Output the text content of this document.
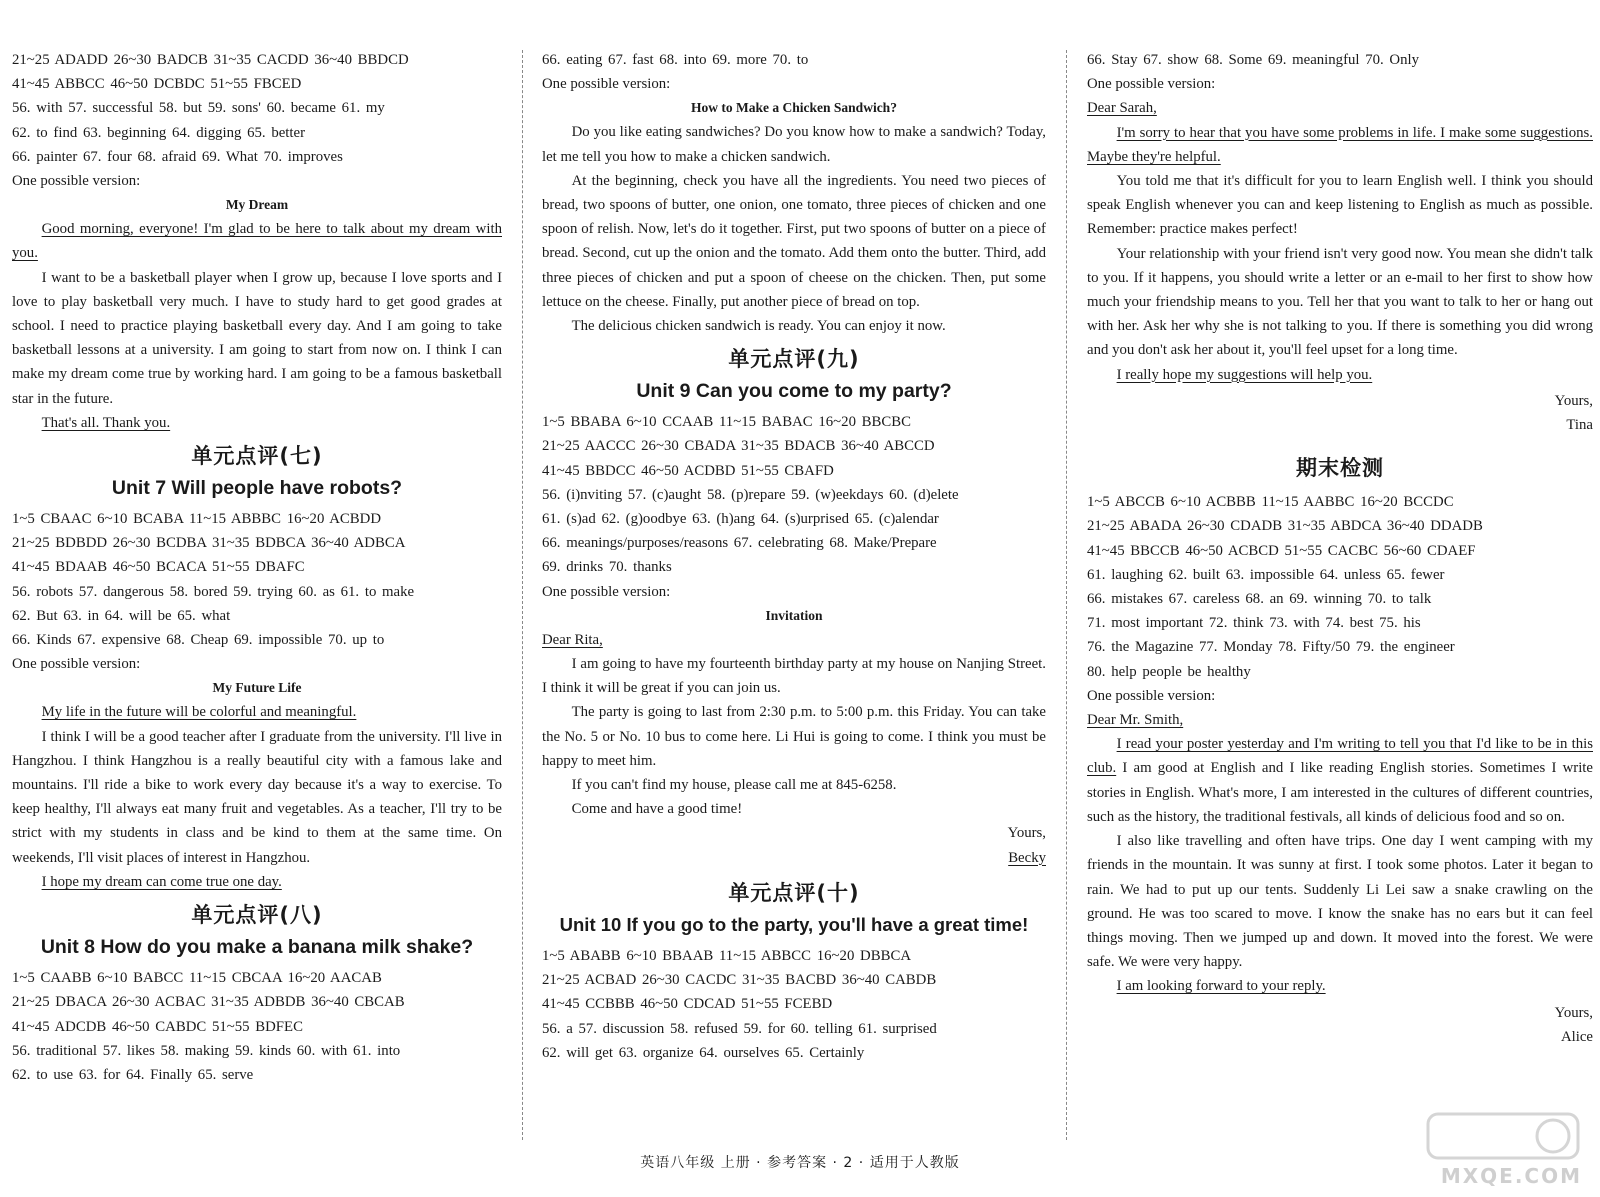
21~25 ADADD 26~30 BADCB 31~35 CACDD 36~40 BBDCD
41~45 ABBCC 46~50 DCBDC 51~55 FBCED
56. with 57. successful 58. but 59. sons' 60. became 61. my
62. to find 63. beginning 64. digging 65. better
66. painter 67. four 68. afraid 69. What 70. improves
One possible version:
My Dream
Good morning, everyone! I'm glad to be here to talk about my dream with you.
I want to be a basketball player when I grow up, because I love sports and I love to play basketball very much. I have to study hard to get good grades at school. I need to practice playing basketball every day. And I am going to take basketball lessons at a university. I am going to start from now on. I think I can make my dream come true by working hard. I am going to be a famous basketball star in the future.
That's all. Thank you.
单元点评(七)
Unit 7 Will people have robots?
1~5 CBAAC 6~10 BCABA 11~15 ABBBC 16~20 ACBDD
21~25 BDBDD 26~30 BCDBA 31~35 BDBCA 36~40 ADBCA
41~45 BDAAB 46~50 BCACA 51~55 DBAFC
56. robots 57. dangerous 58. bored 59. trying 60. as 61. to make
62. But 63. in 64. will be 65. what
66. Kinds 67. expensive 68. Cheap 69. impossible 70. up to
One possible version:
My Future Life
My life in the future will be colorful and meaningful.
I think I will be a good teacher after I graduate from the university. I'll live in Hangzhou. I think Hangzhou is a really beautiful city with a famous lake and mountains. I'll ride a bike to work every day because it's a way to exercise. To keep healthy, I'll always eat many fruit and vegetables. As a teacher, I'll try to be strict with my students in class and be kind to them at the same time. On weekends, I'll visit places of interest in Hangzhou.
I hope my dream can come true one day.
单元点评(八)
Unit 8 How do you make a banana milk shake?
1~5 CAABB 6~10 BABCC 11~15 CBCAA 16~20 AACAB
21~25 DBACA 26~30 ACBAC 31~35 ADBDB 36~40 CBCAB
41~45 ADCDB 46~50 CABDC 51~55 BDFEC
56. traditional 57. likes 58. making 59. kinds 60. with 61. into
62. to use 63. for 64. Finally 65. serve
66. eating 67. fast 68. into 69. more 70. to
One possible version:
How to Make a Chicken Sandwich?
Do you like eating sandwiches? Do you know how to make a sandwich? Today, let me tell you how to make a chicken sandwich.
At the beginning, check you have all the ingredients. You need two pieces of bread, two spoons of butter, one onion, one tomato, three pieces of chicken and one spoon of relish. Now, let's do it together. First, put two spoons of butter on a piece of bread. Second, cut up the onion and the tomato. Add them onto the butter. Third, add three pieces of chicken and put a spoon of cheese on the chicken. Then, put some lettuce on the cheese. Finally, put another piece of bread on top.
The delicious chicken sandwich is ready. You can enjoy it now.
单元点评(九)
Unit 9 Can you come to my party?
1~5 BBABA 6~10 CCAAB 11~15 BABAC 16~20 BBCBC
21~25 AACCC 26~30 CBADA 31~35 BDACB 36~40 ABCCD
41~45 BBDCC 46~50 ACDBD 51~55 CBAFD
56. (i)nviting 57. (c)aught 58. (p)repare 59. (w)eekdays 60. (d)elete
61. (s)ad 62. (g)oodbye 63. (h)ang 64. (s)urprised 65. (c)alendar
66. meanings/purposes/reasons 67. celebrating 68. Make/Prepare
69. drinks 70. thanks
One possible version:
Invitation
Dear Rita,
I am going to have my fourteenth birthday party at my house on Nanjing Street. I think it will be great if you can join us.
The party is going to last from 2:30 p.m. to 5:00 p.m. this Friday. You can take the No. 5 or No. 10 bus to come here. Li Hui is going to come. I think you must be happy to meet him.
If you can't find my house, please call me at 845-6258.
Come and have a good time!
Yours,
Becky
单元点评(十)
Unit 10 If you go to the party, you'll have a great time!
1~5 ABABB 6~10 BBAAB 11~15 ABBCC 16~20 DBBCA
21~25 ACBAD 26~30 CACDC 31~35 BACBD 36~40 CABDB
41~45 CCBBB 46~50 CDCAD 51~55 FCEBD
56. a 57. discussion 58. refused 59. for 60. telling 61. surprised
62. will get 63. organize 64. ourselves 65. Certainly
66. Stay 67. show 68. Some 69. meaningful 70. Only
One possible version:
Dear Sarah,
I'm sorry to hear that you have some problems in life. I make some suggestions. Maybe they're helpful.
You told me that it's difficult for you to learn English well. I think you should speak English whenever you can and keep listening to English as much as possible. Remember: practice makes perfect!
Your relationship with your friend isn't very good now. You mean she didn't talk to you. If it happens, you should write a letter or an e-mail to her first to show how much your friendship means to you. Tell her that you want to talk to her or hang out with her. Ask her why she is not talking to you. If there is something you did wrong and you don't ask her about it, you'll feel upset for a long time.
I really hope my suggestions will help you.
Yours,
Tina
期末检测
1~5 ABCCB 6~10 ACBBB 11~15 AABBC 16~20 BCCDC
21~25 ABADA 26~30 CDADB 31~35 ABDCA 36~40 DDADB
41~45 BBCCB 46~50 ACBCD 51~55 CACBC 56~60 CDAEF
61. laughing 62. built 63. impossible 64. unless 65. fewer
66. mistakes 67. careless 68. an 69. winning 70. to talk
71. most important 72. think 73. with 74. best 75. his
76. the Magazine 77. Monday 78. Fifty/50 79. the engineer
80. help people be healthy
One possible version:
Dear Mr. Smith,
I read your poster yesterday and I'm writing to tell you that I'd like to be in this club. I am good at English and I like reading English stories. Sometimes I write stories in English. What's more, I am interested in the cultures of different countries, such as the history, the traditional festivals, all kinds of delicious food and so on.
I also like travelling and often have trips. One day I went camping with my friends in the mountain. It was sunny at first. I took some photos. Later it began to rain. We had to put up our tents. Suddenly Li Lei saw a snake crawling on the ground. He was too scared to move. I know the snake has no ears but it can feel things moving. Then we jumped up and down. It moved into the forest. We were safe. We were very happy.
I am looking forward to your reply.
Yours,
Alice
英语八年级 上册 · 参考答案 · 2 · 适用于人教版
MXQE.COM
